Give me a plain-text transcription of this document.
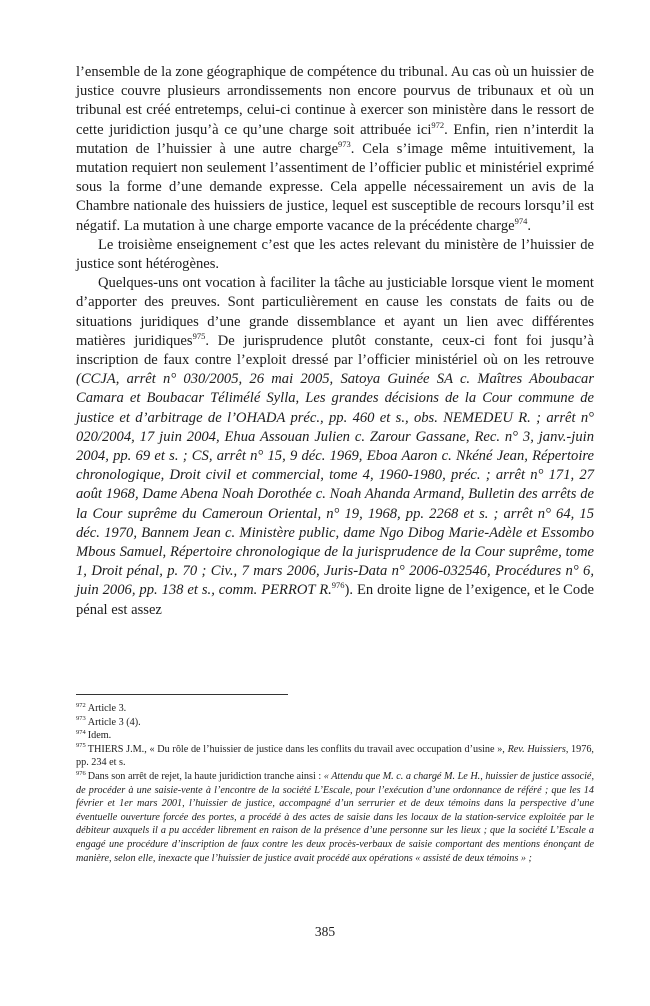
l’ensemble de la zone géographique de compétence du tribunal. Au cas où un huissier de justice couvre plusieurs arrondissements non encore pourvus de tribunaux et où un tribunal est créé entretemps, celui-ci continue à exercer son ministère dans le ressort de cette juridiction jusqu’à ce qu’une charge soit attribuée ici$^{972}$. Enfin, rien n’interdit la mutation de l’huissier à une autre charge$^{973}$. Cela s’image même intuitivement, la mutation requiert non seulement l’assentiment de l’officier public et ministériel exprimé sous la forme d’une demande expresse. Cela appelle nécessairement un avis de la Chambre nationale des huissiers de justice, lequel est susceptible de recours lorsqu’il est négatif. La mutation à une charge emporte vacance de la précédente charge$^{974}$.

Le troisième enseignement c’est que les actes relevant du ministère de l’huissier de justice sont hétérogènes.

Quelques-uns ont vocation à faciliter la tâche au justiciable lorsque vient le moment d’apporter des preuves. Sont particulièrement en cause les constats de faits ou de situations juridiques d’une grande dissemblance et ayant un lien avec différentes matières juridiques$^{975}$. De jurisprudence plutôt constante, ceux-ci font foi jusqu’à inscription de faux contre l’exploit dressé par l’officier ministériel où on les retrouve (CCJA, arrêt n° 030/2005, 26 mai 2005, Satoya Guinée SA c. Maîtres Aboubacar Camara et Boubacar Télimélé Sylla, Les grandes décisions de la Cour commune de justice et d’arbitrage de l’OHADA préc., pp. 460 et s., obs. NEMEDEU R. ; arrêt n° 020/2004, 17 juin 2004, Ehua Assouan Julien c. Zarour Gassane, Rec. n° 3, janv.-juin 2004, pp. 69 et s. ; CS, arrêt n° 15, 9 déc. 1969, Eboa Aaron c. Nkéné Jean, Répertoire chronologique, Droit civil et commercial, tome 4, 1960-1980, préc. ; arrêt n° 171, 27 août 1968, Dame Abena Noah Dorothée c. Noah Ahanda Armand, Bulletin des arrêts de la Cour suprême du Cameroun Oriental, n° 19, 1968, pp. 2268 et s. ; arrêt n° 64, 15 déc. 1970, Bannem Jean c. Ministère public, dame Ngo Dibog Marie-Adèle et Essombo Mbous Samuel, Répertoire chronologique de la jurisprudence de la Cour suprême, tome 1, Droit pénal, p. 70 ; Civ., 7 mars 2006, Juris-Data n° 2006-032546, Procédures n° 6, juin 2006, pp. 138 et s., comm. PERROT R.$^{976}$). En droite ligne de l’exigence, et le Code pénal est assez

$^{972}$ Article 3.

$^{973}$ Article 3 (4).

$^{974}$ Idem.

$^{975}$ THIERS J.M., « Du rôle de l’huissier de justice dans les conflits du travail avec occupation d’usine », Rev. Huissiers, 1976, pp. 234 et s.

$^{976}$ Dans son arrêt de rejet, la haute juridiction tranche ainsi : « Attendu que M. c. a chargé M. Le H., huissier de justice associé, de procéder à une saisie-vente à l’encontre de la société L’Escale, pour l’exécution d’une ordonnance de référé ; que les 14 février et 1er mars 2001, l’huissier de justice, accompagné d’un serrurier et de deux témoins dans la perspective d’une éventuelle ouverture forcée des portes, a procédé à des actes de saisie dans les locaux de la station-service exploitée par le débiteur auxquels il a pu accéder librement en raison de la présence d’une personne sur les lieux ; que la société L’Escale a engagé une procédure d’inscription de faux contre les deux procès-verbaux de saisie comportant des mentions énonçant de manière, selon elle, inexacte que l’huissier de justice avait procédé aux opérations « assisté de deux témoins » ;

385
